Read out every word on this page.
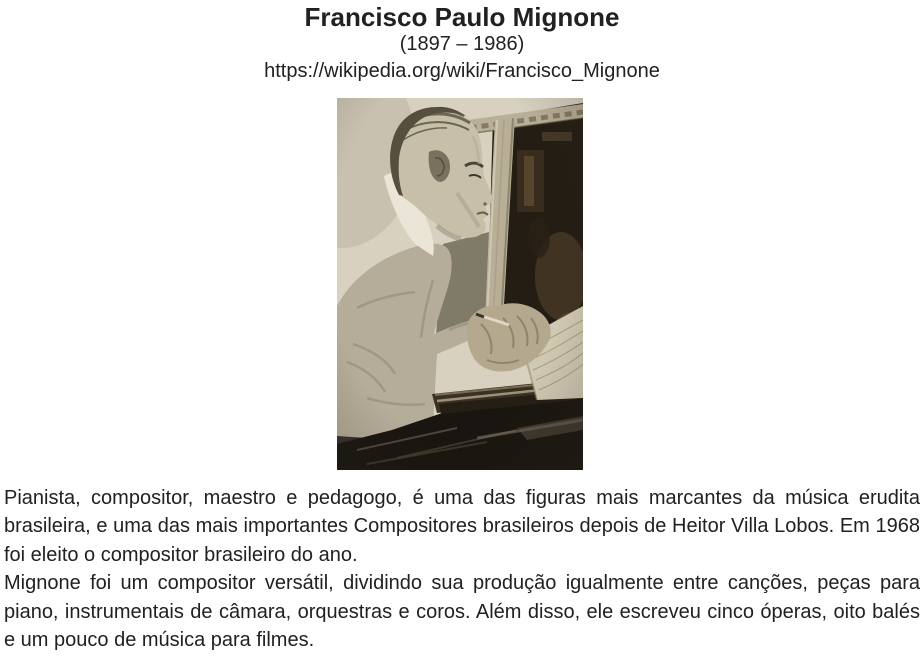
Francisco Paulo Mignone
(1897 – 1986)
https://wikipedia.org/wiki/Francisco_Mignone

Pianista, compositor, maestro e pedagogo, é uma das figuras mais marcantes da música erudita brasileira, e uma das mais importantes Compositores brasileiros depois de Heitor Villa Lobos. Em 1968 foi eleito o compositor brasileiro do ano.

Mignone foi um compositor versátil, dividindo sua produção igualmente entre canções, peças para piano, instrumentais de câmara, orquestras e coros. Além disso, ele escreveu cinco óperas, oito balés e um pouco de música para filmes.
